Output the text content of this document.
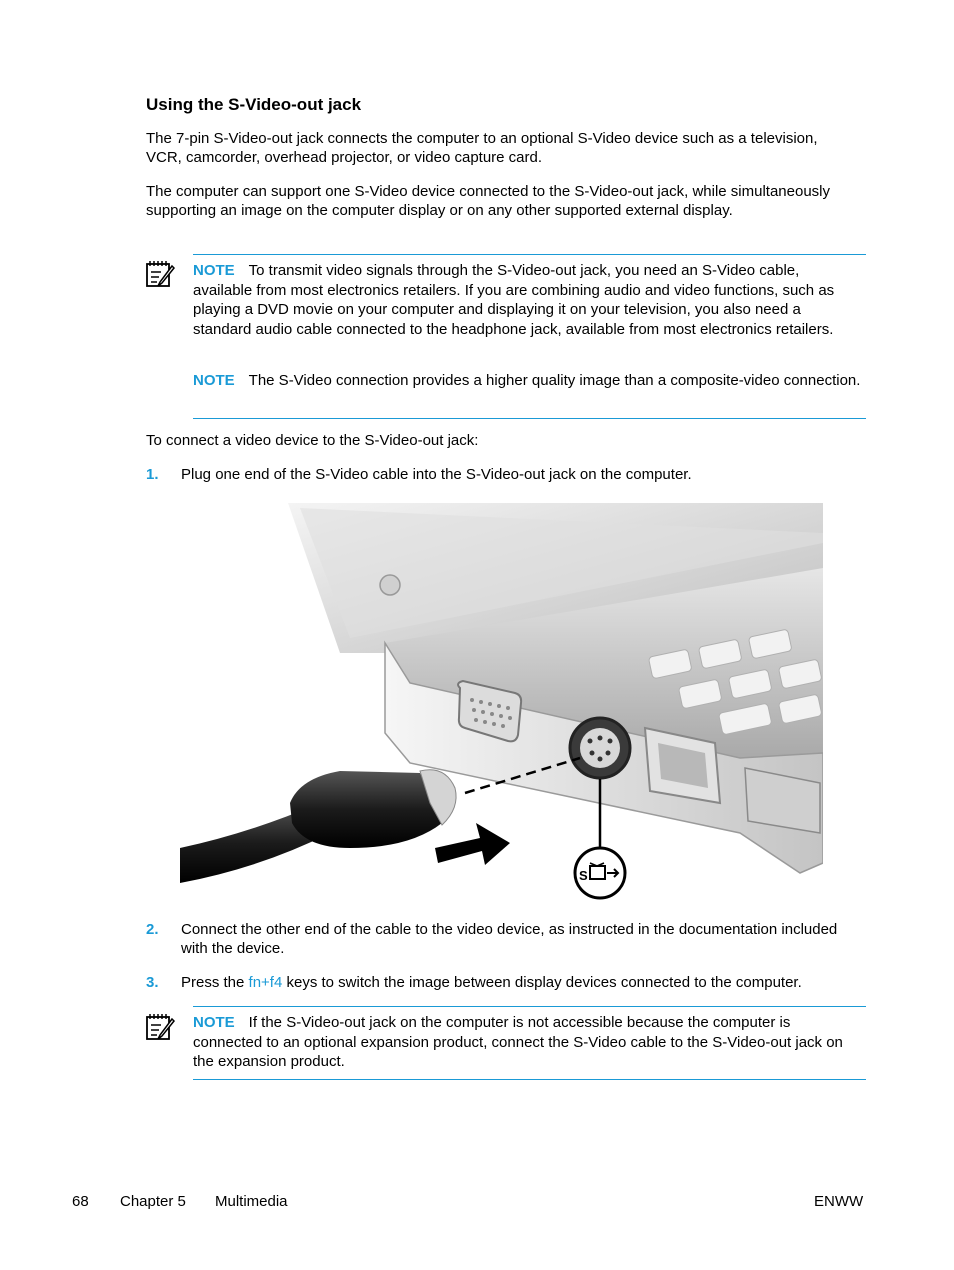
Using the S-Video-out jack
The 7-pin S-Video-out jack connects the computer to an optional S-Video device such as a television, VCR, camcorder, overhead projector, or video capture card.
The computer can support one S-Video device connected to the S-Video-out jack, while simultaneously supporting an image on the computer display or on any other supported external display.
NOTE To transmit video signals through the S-Video-out jack, you need an S-Video cable, available from most electronics retailers. If you are combining audio and video functions, such as playing a DVD movie on your computer and displaying it on your television, you also need a standard audio cable connected to the headphone jack, available from most electronics retailers.
NOTE The S-Video connection provides a higher quality image than a composite-video connection.
To connect a video device to the S-Video-out jack:
1. Plug one end of the S-Video cable into the S-Video-out jack on the computer.
S
2. Connect the other end of the cable to the video device, as instructed in the documentation included with the device.
3. Press the fn+f4 keys to switch the image between display devices connected to the computer.
NOTE If the S-Video-out jack on the computer is not accessible because the computer is connected to an optional expansion product, connect the S-Video cable to the S-Video-out jack on the expansion product.
68 Chapter 5 Multimedia	ENWW
